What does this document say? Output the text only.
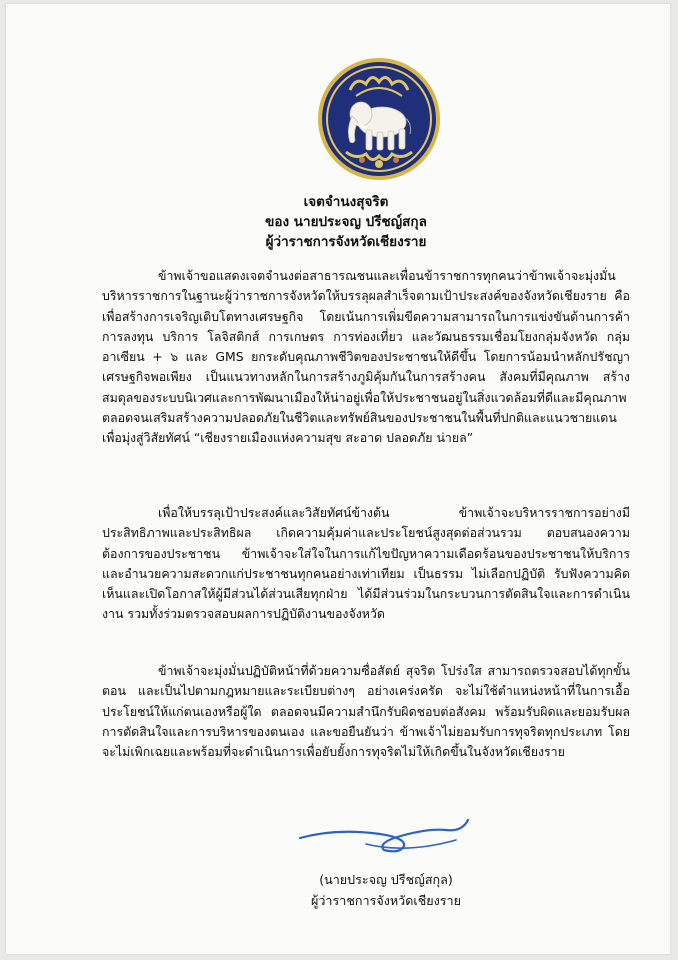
เจตจำนงสุจริต
ของ นายประจญ ปรีชญ์สกุล
ผู้ว่าราชการจังหวัดเชียงราย

ข้าพเจ้าขอแสดงเจตจำนงต่อสาธารณชนและเพื่อนข้าราชการทุกคนว่าข้าพเจ้าจะมุ่งมั่นบริหารราชการในฐานะผู้ว่าราชการจังหวัดให้บรรลุผลสำเร็จตามเป้าประสงค์ของจังหวัดเชียงราย คือ เพื่อสร้างการเจริญเติบโตทางเศรษฐกิจ โดยเน้นการเพิ่มขีดความสามารถในการแข่งขันด้านการค้า การลงทุน บริการ โลจิสติกส์ การเกษตร การท่องเที่ยว และวัฒนธรรมเชื่อมโยงกลุ่มจังหวัด กลุ่มอาเซียน + ๖ และ GMS ยกระดับคุณภาพชีวิตของประชาชนให้ดีขึ้น โดยการน้อมนำหลักปรัชญาเศรษฐกิจพอเพียง เป็นแนวทางหลักในการสร้างภูมิคุ้มกันในการสร้างคน สังคมที่มีคุณภาพ สร้างสมดุลของระบบนิเวศและการพัฒนาเมืองให้น่าอยู่เพื่อให้ประชาชนอยู่ในสิ่งแวดล้อมที่ดีและมีคุณภาพ ตลอดจนเสริมสร้างความปลอดภัยในชีวิตและทรัพย์สินของประชาชนในพื้นที่ปกติและแนวชายแดน เพื่อมุ่งสู่วิสัยทัศน์ “เชียงรายเมืองแห่งความสุข สะอาด ปลอดภัย น่ายล”

เพื่อให้บรรลุเป้าประสงค์และวิสัยทัศน์ข้างต้น ข้าพเจ้าจะบริหารราชการอย่างมีประสิทธิภาพและประสิทธิผล เกิดความคุ้มค่าและประโยชน์สูงสุดต่อส่วนรวม ตอบสนองความต้องการของประชาชน ข้าพเจ้าจะใส่ใจในการแก้ไขปัญหาความเดือดร้อนของประชาชนให้บริการและอำนวยความสะดวกแก่ประชาชนทุกคนอย่างเท่าเทียม เป็นธรรม ไม่เลือกปฏิบัติ รับฟังความคิดเห็นและเปิดโอกาสให้ผู้มีส่วนได้ส่วนเสียทุกฝ่าย ได้มีส่วนร่วมในกระบวนการตัดสินใจและการดำเนินงาน รวมทั้งร่วมตรวจสอบผลการปฏิบัติงานของจังหวัด

ข้าพเจ้าจะมุ่งมั่นปฏิบัติหน้าที่ด้วยความซื่อสัตย์ สุจริต โปร่งใส สามารถตรวจสอบได้ทุกขั้นตอน และเป็นไปตามกฎหมายและระเบียบต่างๆ อย่างเคร่งครัด จะไม่ใช้ตำแหน่งหน้าที่ในการเอื้อประโยชน์ให้แก่ตนเองหรือผู้ใด ตลอดจนมีความสำนึกรับผิดชอบต่อสังคม พร้อมรับผิดและยอมรับผลการตัดสินใจและการบริหารของตนเอง และขอยืนยันว่า ข้าพเจ้าไม่ยอมรับการทุจริตทุกประเภท โดยจะไม่เพิกเฉยและพร้อมที่จะดำเนินการเพื่อยับยั้งการทุจริตไม่ให้เกิดขึ้นในจังหวัดเชียงราย

(นายประจญ ปรีชญ์สกุล)
ผู้ว่าราชการจังหวัดเชียงราย
